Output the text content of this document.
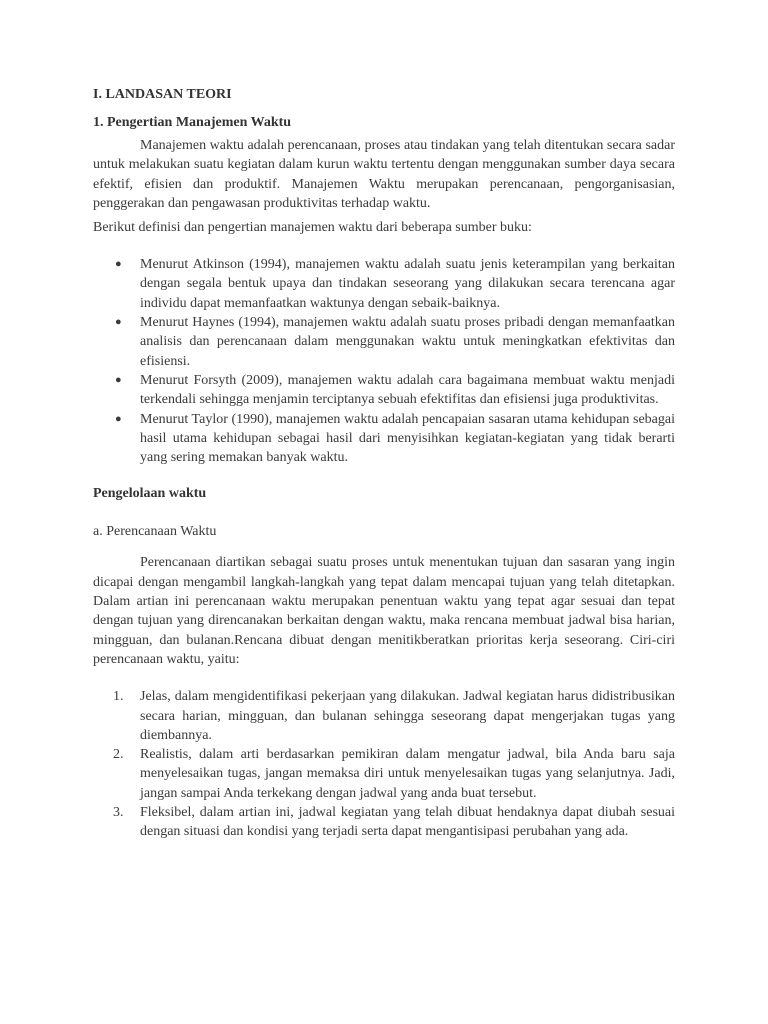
I. LANDASAN TEORI
1. Pengertian Manajemen Waktu

Manajemen waktu adalah perencanaan, proses atau tindakan yang telah ditentukan secara sadar untuk melakukan suatu kegiatan dalam kurun waktu tertentu dengan menggunakan sumber daya secara efektif, efisien dan produktif. Manajemen Waktu merupakan perencanaan, pengorganisasian, penggerakan dan pengawasan produktivitas terhadap waktu.

Berikut definisi dan pengertian manajemen waktu dari beberapa sumber buku:

● Menurut Atkinson (1994), manajemen waktu adalah suatu jenis keterampilan yang berkaitan dengan segala bentuk upaya dan tindakan seseorang yang dilakukan secara terencana agar individu dapat memanfaatkan waktunya dengan sebaik-baiknya.
● Menurut Haynes (1994), manajemen waktu adalah suatu proses pribadi dengan memanfaatkan analisis dan perencanaan dalam menggunakan waktu untuk meningkatkan efektivitas dan efisiensi.
● Menurut Forsyth (2009), manajemen waktu adalah cara bagaimana membuat waktu menjadi terkendali sehingga menjamin terciptanya sebuah efektifitas dan efisiensi juga produktivitas.
● Menurut Taylor (1990), manajemen waktu adalah pencapaian sasaran utama kehidupan sebagai hasil utama kehidupan sebagai hasil dari menyisihkan kegiatan-kegiatan yang tidak berarti yang sering memakan banyak waktu.
Pengelolaan waktu
a. Perencanaan Waktu

Perencanaan diartikan sebagai suatu proses untuk menentukan tujuan dan sasaran yang ingin dicapai dengan mengambil langkah-langkah yang tepat dalam mencapai tujuan yang telah ditetapkan. Dalam artian ini perencanaan waktu merupakan penentuan waktu yang tepat agar sesuai dan tepat dengan tujuan yang direncanakan berkaitan dengan waktu, maka rencana membuat jadwal bisa harian, mingguan, dan bulanan.Rencana dibuat dengan menitikberatkan prioritas kerja seseorang. Ciri-ciri perencanaan waktu, yaitu:

1. Jelas, dalam mengidentifikasi pekerjaan yang dilakukan. Jadwal kegiatan harus didistribusikan secara harian, mingguan, dan bulanan sehingga seseorang dapat mengerjakan tugas yang diembannya.
2. Realistis, dalam arti berdasarkan pemikiran dalam mengatur jadwal, bila Anda baru saja menyelesaikan tugas, jangan memaksa diri untuk menyelesaikan tugas yang selanjutnya. Jadi, jangan sampai Anda terkekang dengan jadwal yang anda buat tersebut.
3. Fleksibel, dalam artian ini, jadwal kegiatan yang telah dibuat hendaknya dapat diubah sesuai dengan situasi dan kondisi yang terjadi serta dapat mengantisipasi perubahan yang ada.
